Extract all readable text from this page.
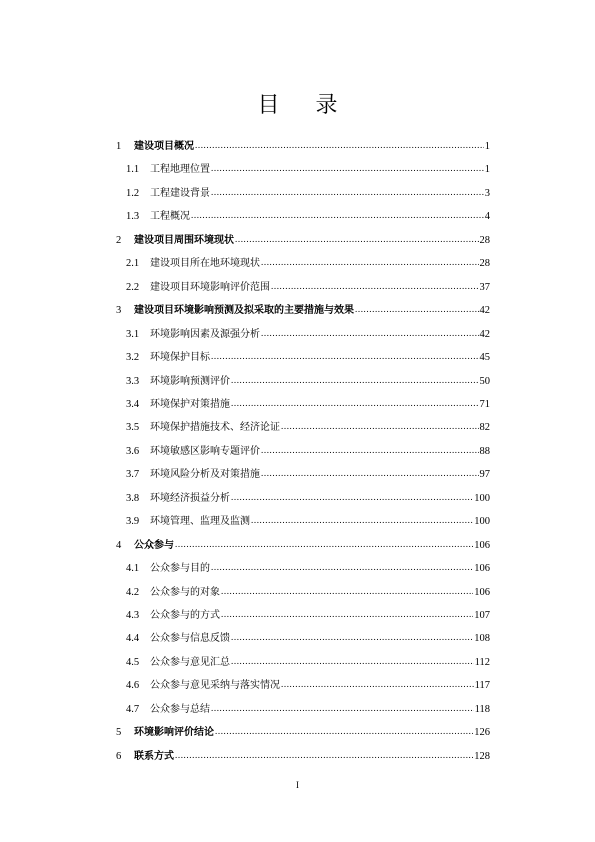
目 录
1	建设项目概况 .....	1
1.1	工程地理位置 .....	1
1.2	工程建设背景 .....	3
1.3	工程概况 .....	4
2	建设项目周围环境现状 .....	28
2.1	建设项目所在地环境现状 .....	28
2.2	建设项目环境影响评价范围 .....	37
3	建设项目环境影响预测及拟采取的主要措施与效果 .....	42
3.1	环境影响因素及源强分析 .....	42
3.2	环境保护目标 .....	45
3.3	环境影响预测评价 .....	50
3.4	环境保护对策措施 .....	71
3.5	环境保护措施技术、经济论证 .....	82
3.6	环境敏感区影响专题评价 .....	88
3.7	环境风险分析及对策措施 .....	97
3.8	环境经济损益分析 .....	100
3.9	环境管理、监理及监测 .....	100
4	公众参与 .....	106
4.1	公众参与目的 .....	106
4.2	公众参与的对象 .....	106
4.3	公众参与的方式 .....	107
4.4	公众参与信息反馈 .....	108
4.5	公众参与意见汇总 .....	112
4.6	公众参与意见采纳与落实情况 .....	117
4.7	公众参与总结 .....	118
5	环境影响评价结论 .....	126
6	联系方式 .....	128
I
